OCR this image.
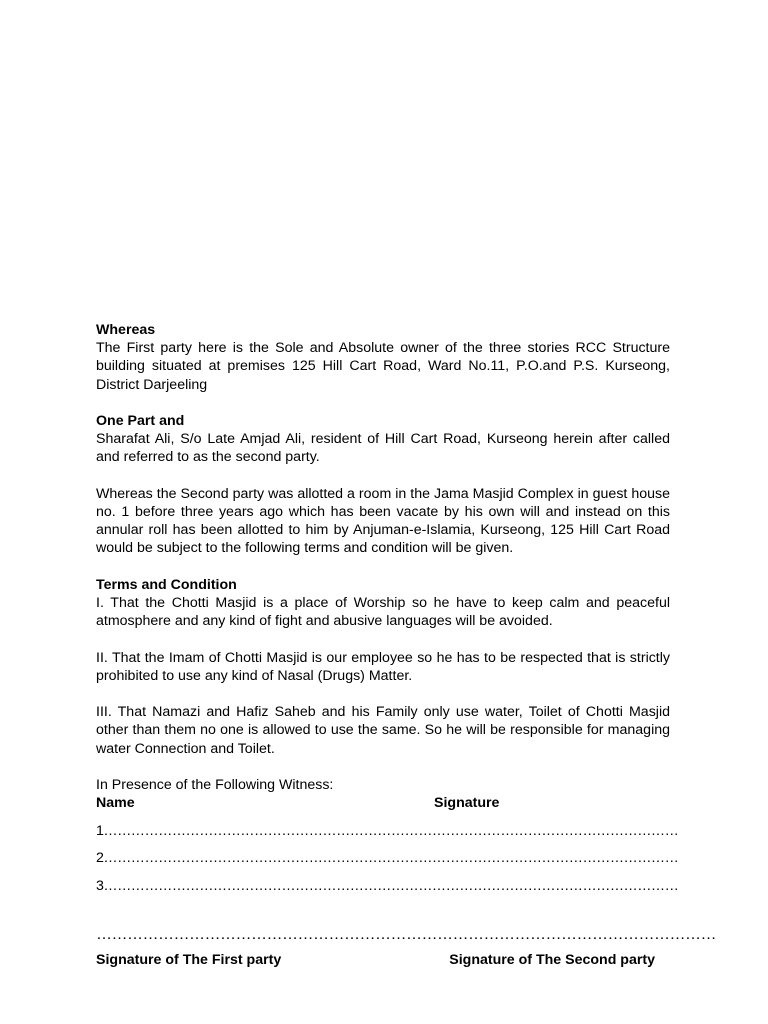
Whereas

The First party here is the Sole and Absolute owner of the three stories RCC Structure building situated at premises 125 Hill Cart Road, Ward No.11, P.O.and P.S. Kurseong, District Darjeeling

One Part and

Sharafat Ali, S/o Late Amjad Ali, resident of Hill Cart Road, Kurseong herein after called and referred to as the second party.

Whereas the Second party was allotted a room in the Jama Masjid Complex in guest house no. 1 before three years ago which has been vacate by his own will and instead on this annular roll has been allotted to him by Anjuman-e-Islamia, Kurseong, 125 Hill Cart Road would be subject to the following terms and condition will be given.

Terms and Condition

I. That the Chotti Masjid is a place of Worship so he have to keep calm and peaceful atmosphere and any kind of fight and abusive languages will be avoided.

II. That the Imam of Chotti Masjid is our employee so he has to be respected that is strictly prohibited to use any kind of Nasal (Drugs) Matter.

III. That Namazi and Hafiz Saheb and his Family only use water, Toilet of Chotti Masjid other than them no one is allowed to use the same. So he will be responsible for managing water Connection and Toilet.

In Presence of the Following Witness:
Name	Signature
1………………………………………………………… ……………………………………………………
2………………………………………………………… ……………………………………………………
3………………………………………………………… ……………………………………………………
…………………………………………………… ……………………………………………………
Signature of The First party	Signature of The Second party
